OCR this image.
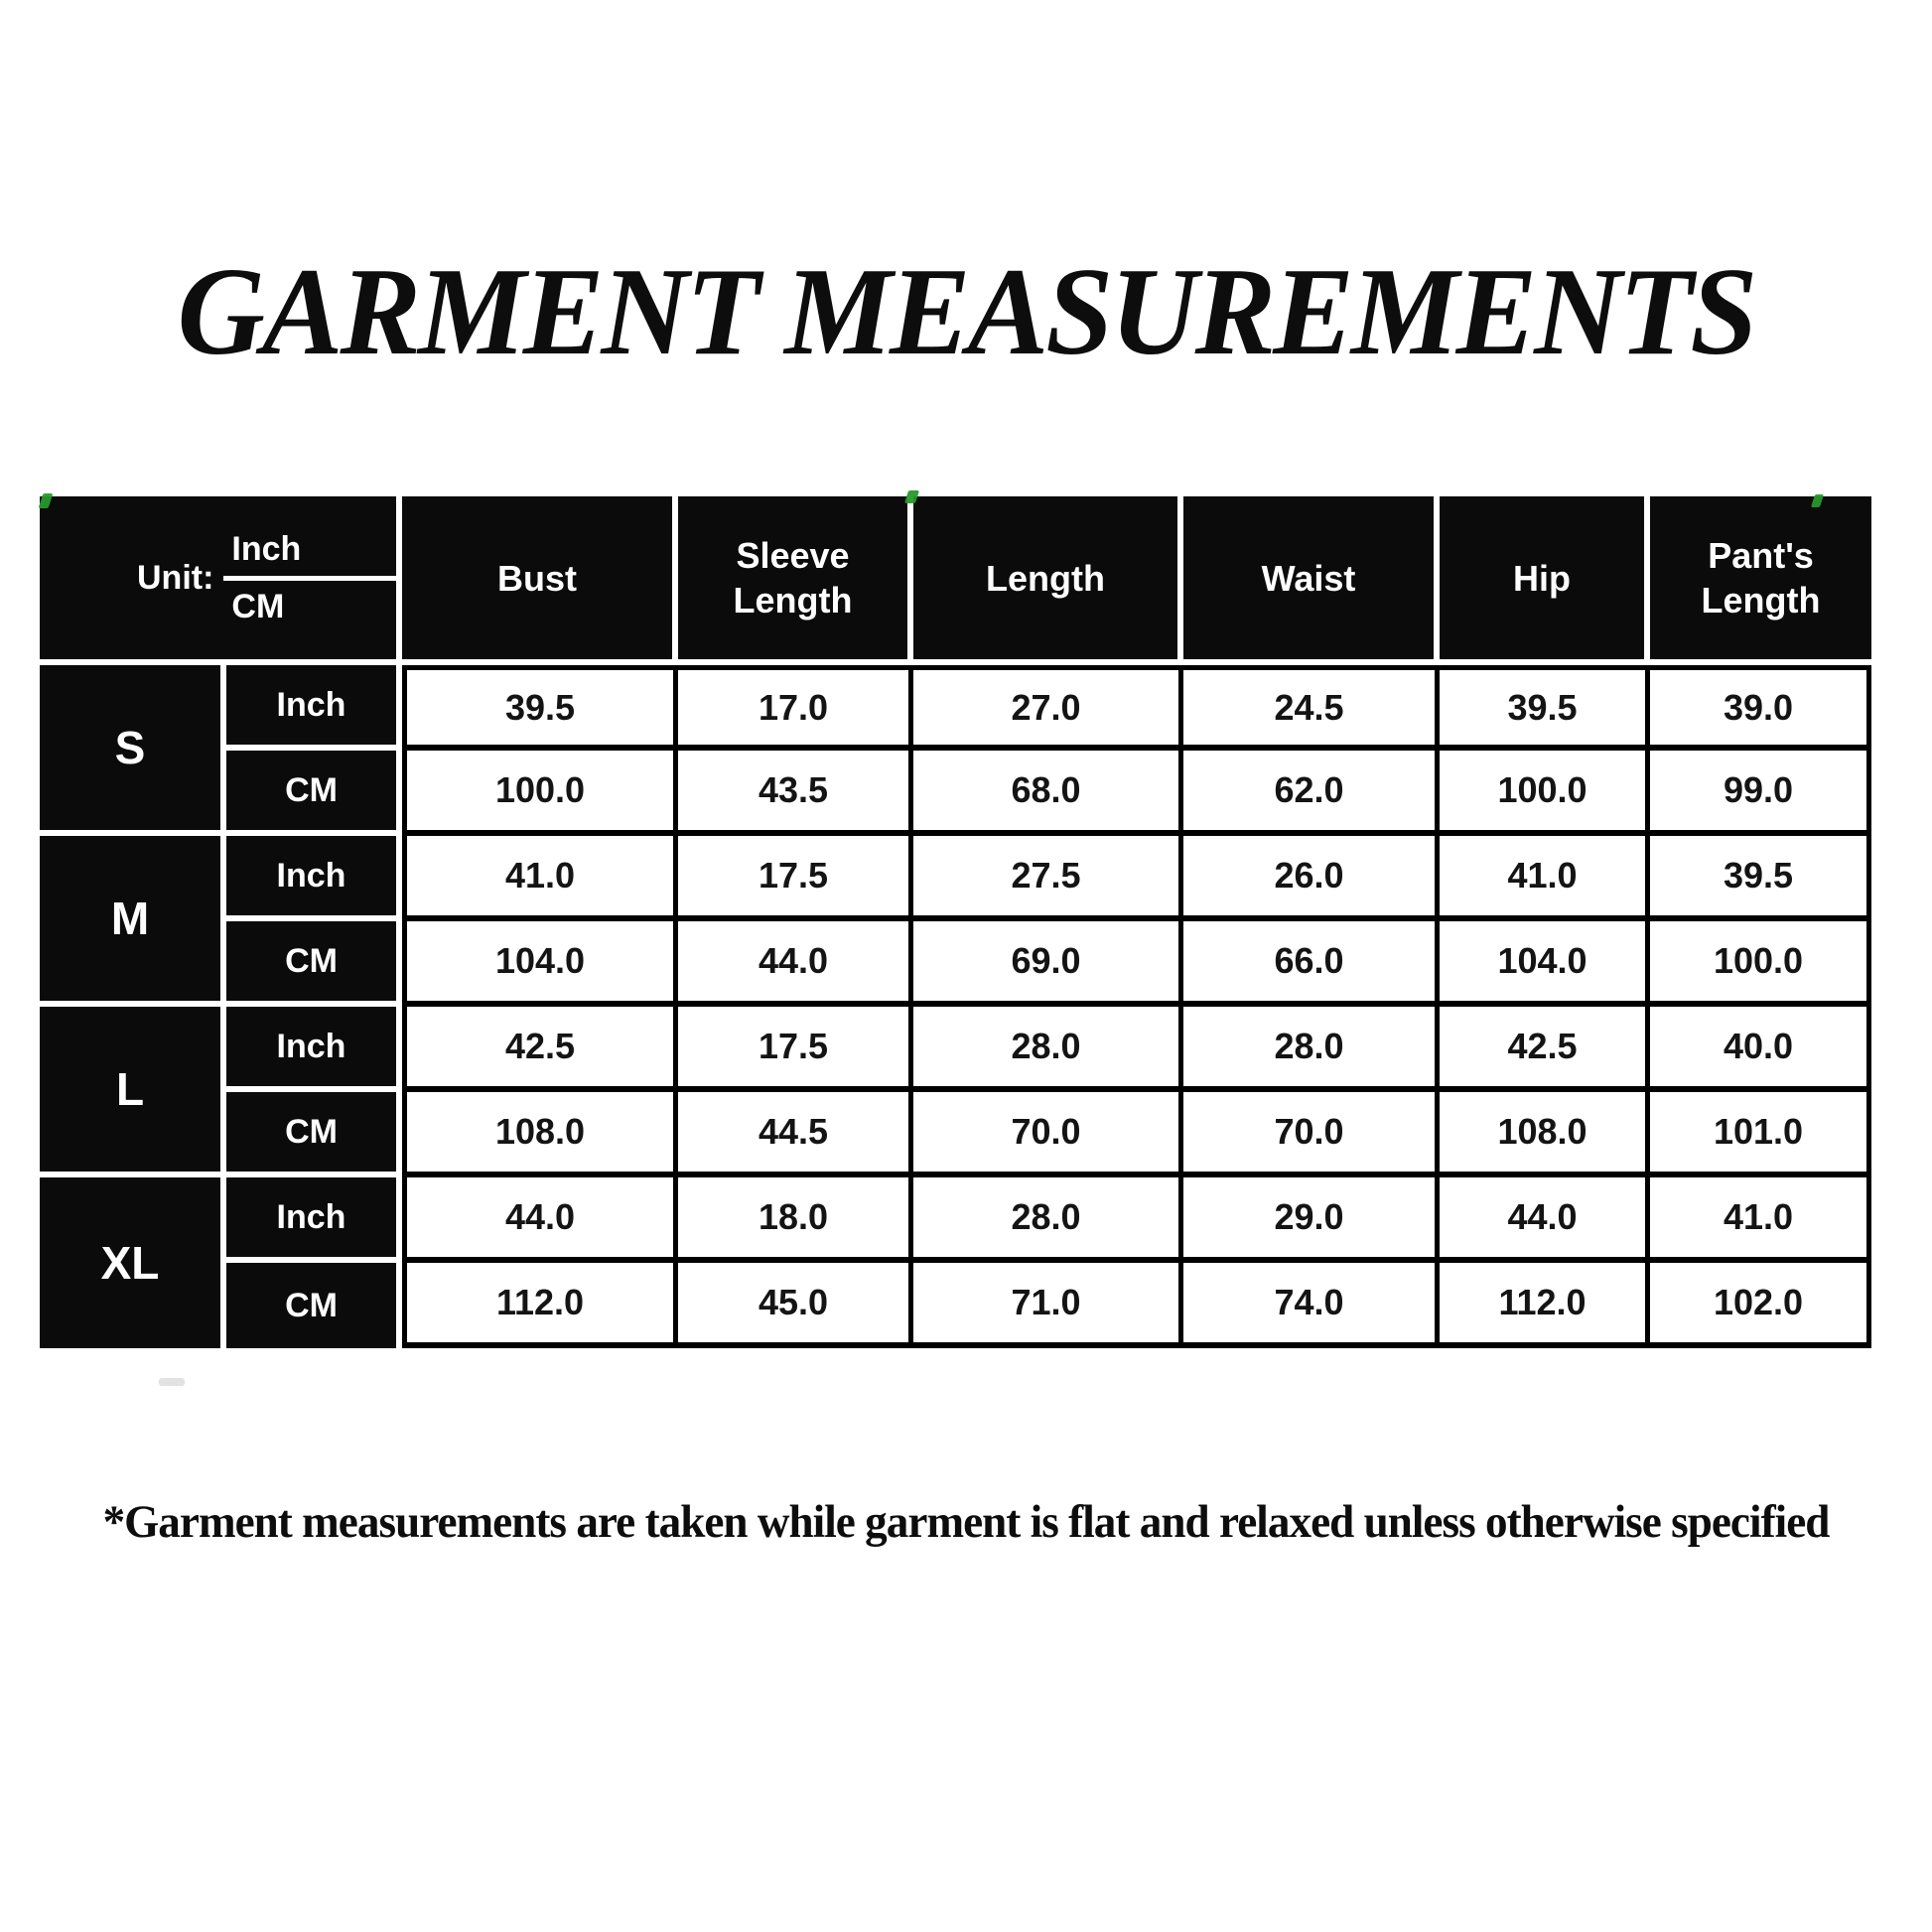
GARMENT MEASUREMENTS
Unit: $\frac{\text{Inch}}{CM}$		Bust	Sleeve Length	Length	Waist	Hip	Pant's Length
S	Inch	39.5	17.0	27.0	24.5	39.5	39.0
	CM	100.0	43.5	68.0	62.0	100.0	99.0
M	Inch	41.0	17.5	27.5	26.0	41.0	39.5
	CM	104.0	44.0	69.0	66.0	104.0	100.0
L	Inch	42.5	17.5	28.0	28.0	42.5	40.0
	CM	108.0	44.5	70.0	70.0	108.0	101.0
XL	Inch	44.0	18.0	28.0	29.0	44.0	41.0
	CM	112.0	45.0	71.0	74.0	112.0	102.0
*Garment measurements are taken while garment is flat and relaxed unless otherwise specified
